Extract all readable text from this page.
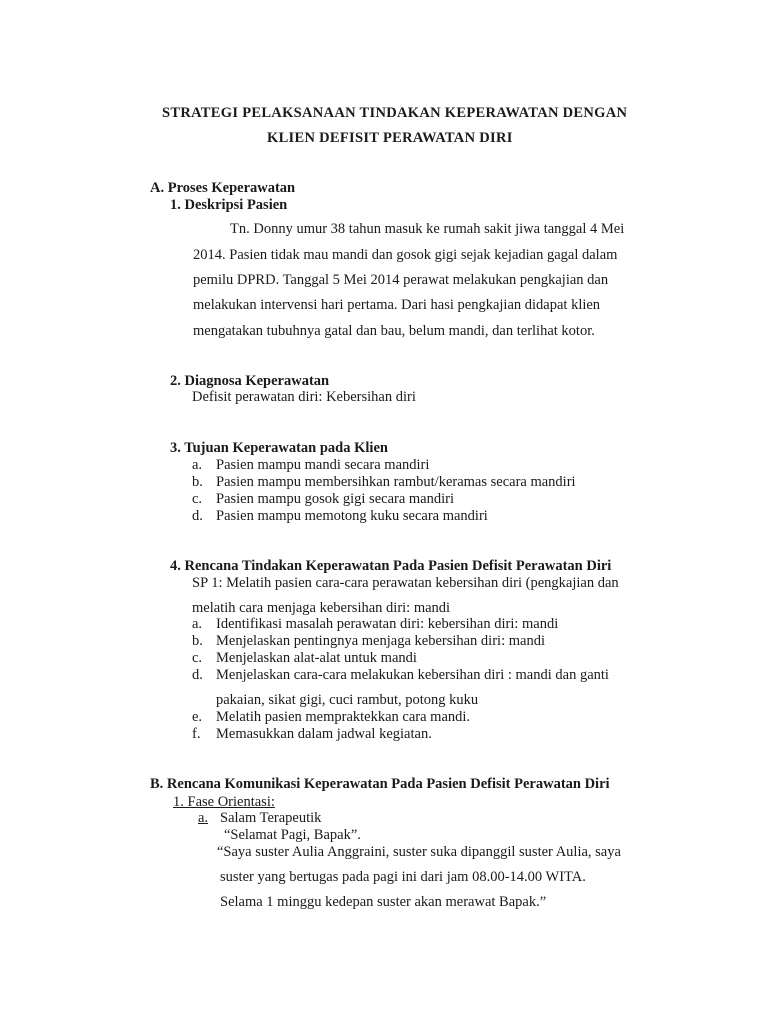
STRATEGI PELAKSANAAN TINDAKAN KEPERAWATAN DENGAN
KLIEN DEFISIT PERAWATAN DIRI
A. Proses Keperawatan
1. Deskripsi Pasien
Tn. Donny umur 38 tahun masuk ke rumah sakit jiwa tanggal 4 Mei
2014. Pasien tidak mau mandi dan gosok gigi sejak kejadian gagal dalam
pemilu DPRD. Tanggal 5 Mei 2014 perawat melakukan pengkajian dan
melakukan intervensi hari pertama. Dari hasi pengkajian didapat klien
mengatakan tubuhnya gatal dan bau, belum mandi, dan terlihat kotor.
2. Diagnosa Keperawatan
Defisit perawatan diri: Kebersihan diri
3. Tujuan Keperawatan pada Klien
a. Pasien mampu mandi secara mandiri
b. Pasien mampu membersihkan rambut/keramas secara mandiri
c. Pasien mampu gosok gigi secara mandiri
d. Pasien mampu memotong kuku secara mandiri
4. Rencana Tindakan Keperawatan Pada Pasien Defisit Perawatan Diri
SP 1: Melatih pasien cara-cara perawatan kebersihan diri (pengkajian dan
melatih cara menjaga kebersihan diri: mandi
a. Identifikasi masalah perawatan diri: kebersihan diri: mandi
b. Menjelaskan pentingnya menjaga kebersihan diri: mandi
c. Menjelaskan alat-alat untuk mandi
d. Menjelaskan cara-cara melakukan kebersihan diri : mandi dan ganti
pakaian, sikat gigi, cuci rambut, potong kuku
e. Melatih pasien mempraktekkan cara mandi.
f. Memasukkan dalam jadwal kegiatan.
B. Rencana Komunikasi Keperawatan Pada Pasien Defisit Perawatan Diri
1. Fase Orientasi:
a. Salam Terapeutik
“Selamat Pagi, Bapak”.
“Saya suster Aulia Anggraini, suster suka dipanggil suster Aulia, saya
suster yang bertugas pada pagi ini dari jam 08.00-14.00 WITA.
Selama 1 minggu kedepan suster akan merawat Bapak.”
